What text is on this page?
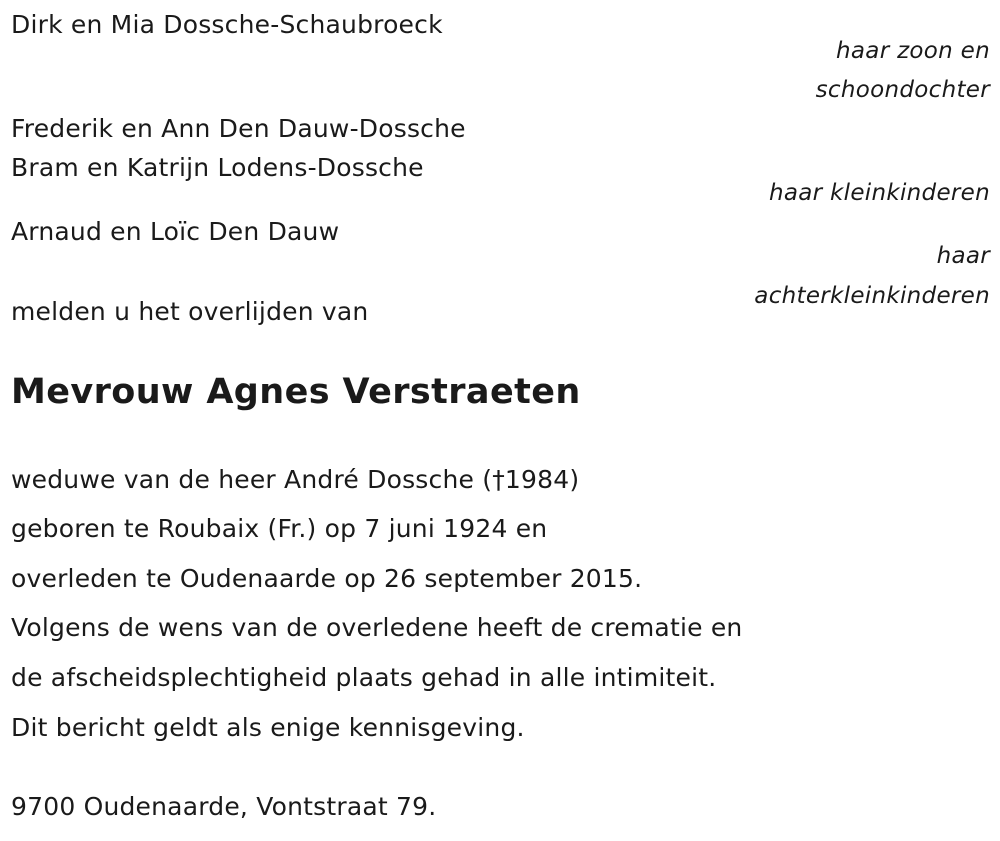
Dirk en Mia Dossche-Schaubroeck
haar zoon en
schoondochter
Frederik en Ann Den Dauw-Dossche
Bram en Katrijn Lodens-Dossche
haar kleinkinderen
Arnaud en Loïc Den Dauw
haar
achterkleinkinderen
melden u het overlijden van
Mevrouw Agnes Verstraeten
weduwe van de heer André Dossche (†1984)
geboren te Roubaix (Fr.) op 7 juni 1924 en
overleden te Oudenaarde op 26 september 2015.
Volgens de wens van de overledene heeft de crematie en
de afscheidsplechtigheid plaats gehad in alle intimiteit.
Dit bericht geldt als enige kennisgeving.
9700 Oudenaarde, Vontstraat 79.
